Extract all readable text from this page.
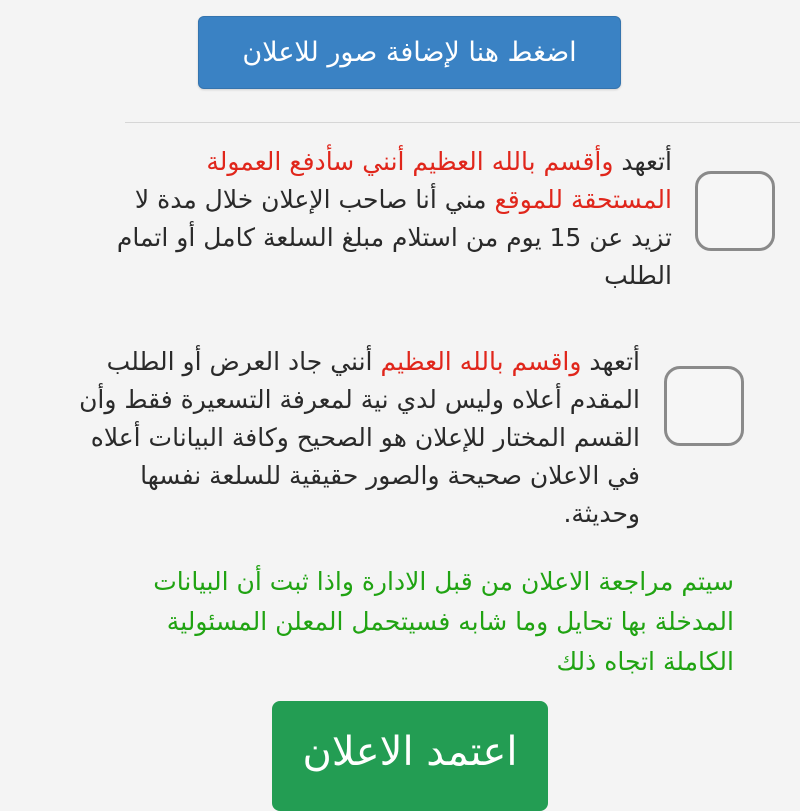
اضغط هنا لإضافة صور للاعلان
أتعهد وأقسم بالله العظيم أنني سأدفع العمولة المستحقة للموقع مني أنا صاحب الإعلان خلال مدة لا تزيد عن 15 يوم من استلام مبلغ السلعة كامل أو اتمام الطلب
أتعهد واقسم بالله العظيم أنني جاد العرض أو الطلب المقدم أعلاه وليس لدي نية لمعرفة التسعيرة فقط وأن القسم المختار للإعلان هو الصحيح وكافة البيانات أعلاه في الاعلان صحيحة والصور حقيقية للسلعة نفسها وحديثة.
سيتم مراجعة الاعلان من قبل الادارة واذا ثبت أن البيانات المدخلة بها تحايل وما شابه فسيتحمل المعلن المسئولية الكاملة اتجاه ذلك
اعتمد الاعلان
